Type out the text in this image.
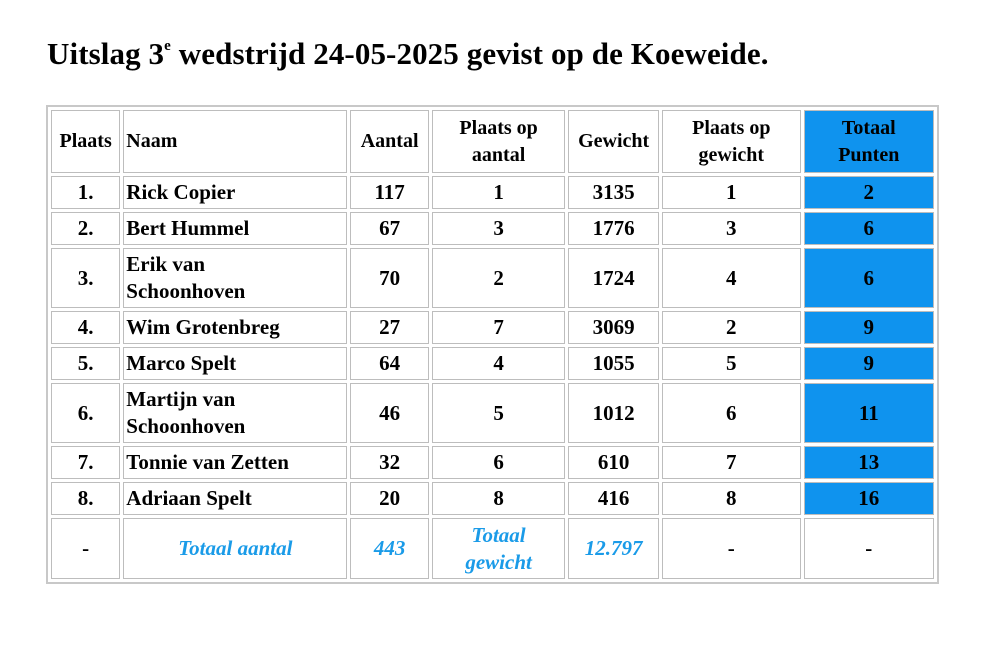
Uitslag 3e wedstrijd 24-05-2025 gevist op de Koeweide.
Plaats	Naam	Aantal	Plaats op
aantal	Gewicht	Plaats op
gewicht	Totaal
Punten
1.	Rick Copier	117	1	3135	1	2
2.	Bert Hummel	67	3	1776	3	6
3.	Erik van
Schoonhoven	70	2	1724	4	6
4.	Wim Grotenbreg	27	7	3069	2	9
5.	Marco Spelt	64	4	1055	5	9
6.	Martijn van
Schoonhoven	46	5	1012	6	11
7.	Tonnie van Zetten	32	6	610	7	13
8.	Adriaan Spelt	20	8	416	8	16
-	Totaal aantal	443	Totaal
gewicht	12.797	-	-
